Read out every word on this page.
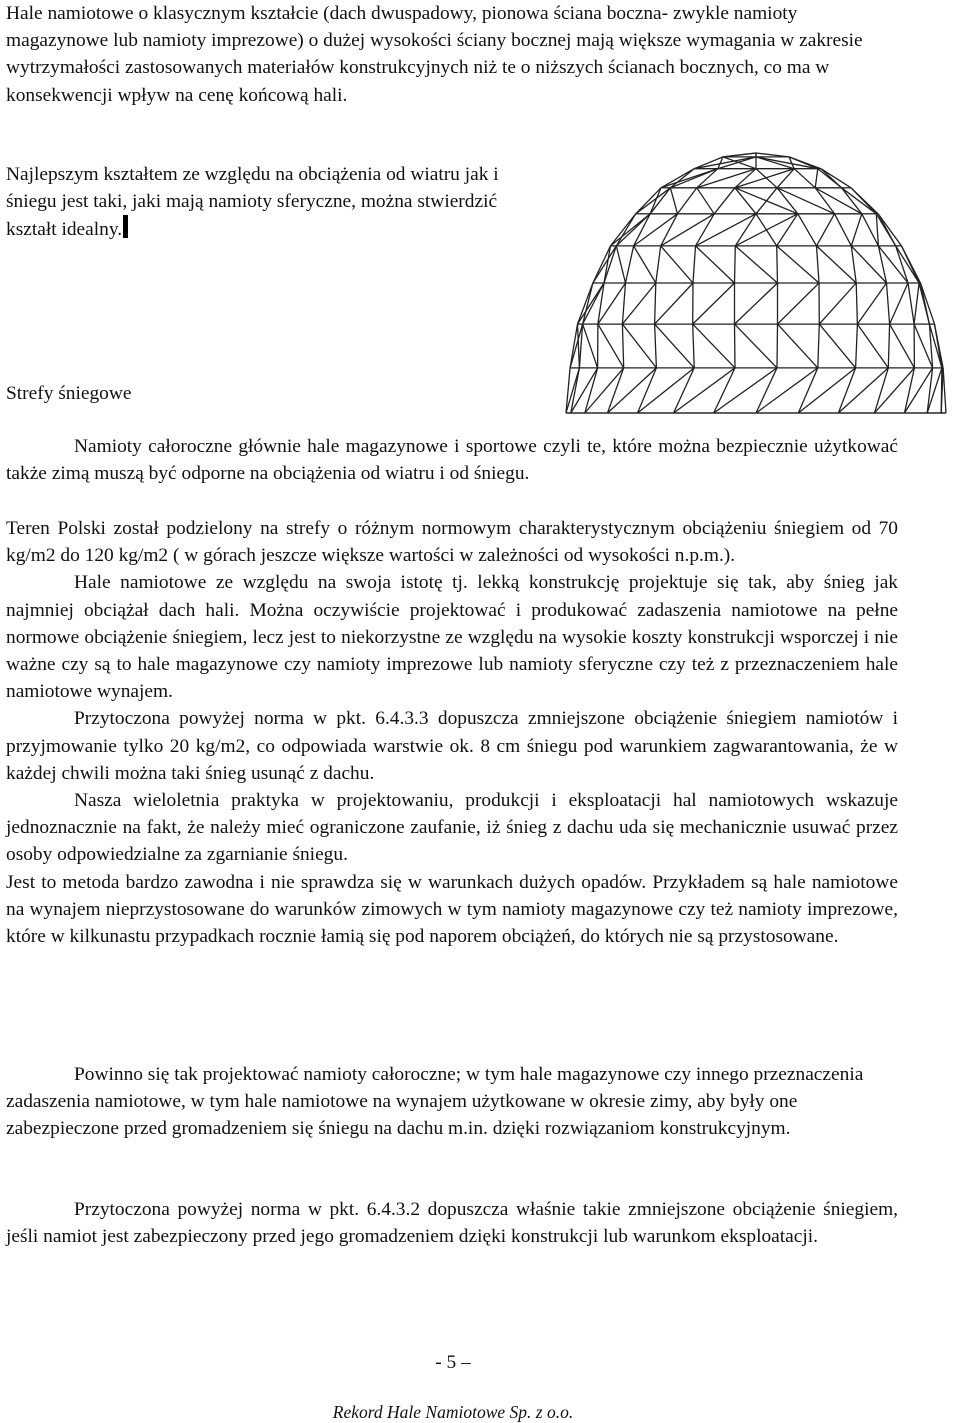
Hale namiotowe o klasycznym kształcie (dach dwuspadowy, pionowa ściana boczna- zwykle namioty magazynowe lub namioty imprezowe) o dużej wysokości ściany bocznej mają większe wymagania w zakresie wytrzymałości zastosowanych materiałów konstrukcyjnych niż te o niższych ścianach bocznych, co ma w konsekwencji wpływ na cenę końcową hali.

Najlepszym kształtem ze względu na obciążenia od wiatru jak i śniegu jest taki, jaki mają namioty sferyczne, można stwierdzić kształt idealny.

Strefy śniegowe

Namioty całoroczne głównie hale magazynowe i sportowe czyli te, które można bezpiecznie użytkować także zimą muszą być odporne na obciążenia od wiatru i od śniegu.

Teren Polski został podzielony na strefy o różnym normowym charakterystycznym obciążeniu śniegiem od 70 kg/m2 do 120 kg/m2 ( w górach jeszcze większe wartości w zależności od wysokości n.p.m.).
Hale namiotowe ze względu na swoja istotę tj. lekką konstrukcję projektuje się tak, aby śnieg jak najmniej obciążał dach hali. Można oczywiście projektować i produkować zadaszenia namiotowe na pełne normowe obciążenie śniegiem, lecz jest to niekorzystne ze względu na wysokie koszty konstrukcji wsporczej i nie ważne czy są to hale magazynowe czy namioty imprezowe lub namioty sferyczne czy też z przeznaczeniem hale namiotowe wynajem.
Przytoczona powyżej norma w pkt. 6.4.3.3 dopuszcza zmniejszone obciążenie śniegiem namiotów i przyjmowanie tylko 20 kg/m2, co odpowiada warstwie ok. 8 cm śniegu pod warunkiem zagwarantowania, że w każdej chwili można taki śnieg usunąć z dachu.
Nasza wieloletnia praktyka w projektowaniu, produkcji i eksploatacji hal namiotowych wskazuje jednoznacznie na fakt, że należy mieć ograniczone zaufanie, iż śnieg z dachu uda się mechanicznie usuwać przez osoby odpowiedzialne za zgarnianie śniegu.
Jest to metoda bardzo zawodna i nie sprawdza się w warunkach dużych opadów. Przykładem są hale namiotowe na wynajem nieprzystosowane do warunków zimowych w tym namioty magazynowe czy też namioty imprezowe, które w kilkunastu przypadkach rocznie łamią się pod naporem obciążeń, do których nie są przystosowane.

Powinno się tak projektować namioty całoroczne; w tym hale magazynowe czy innego przeznaczenia zadaszenia namiotowe, w tym hale namiotowe na wynajem użytkowane w okresie zimy, aby były one zabezpieczone przed gromadzeniem się śniegu na dachu m.in. dzięki rozwiązaniom konstrukcyjnym.

Przytoczona powyżej norma w pkt. 6.4.3.2 dopuszcza właśnie takie zmniejszone obciążenie śniegiem, jeśli namiot jest zabezpieczony przed jego gromadzeniem dzięki konstrukcji lub warunkom eksploatacji.

- 5 –
Rekord Hale Namiotowe Sp. z o.o.
